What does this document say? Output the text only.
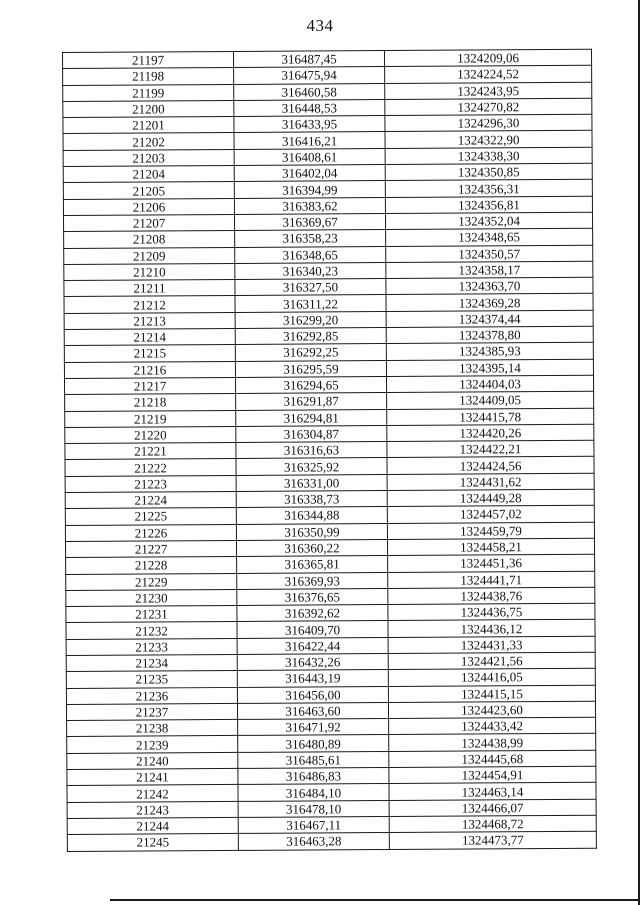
434
21197	316487,45	1324209,06
21198	316475,94	1324224,52
21199	316460,58	1324243,95
21200	316448,53	1324270,82
21201	316433,95	1324296,30
21202	316416,21	1324322,90
21203	316408,61	1324338,30
21204	316402,04	1324350,85
21205	316394,99	1324356,31
21206	316383,62	1324356,81
21207	316369,67	1324352,04
21208	316358,23	1324348,65
21209	316348,65	1324350,57
21210	316340,23	1324358,17
21211	316327,50	1324363,70
21212	316311,22	1324369,28
21213	316299,20	1324374,44
21214	316292,85	1324378,80
21215	316292,25	1324385,93
21216	316295,59	1324395,14
21217	316294,65	1324404,03
21218	316291,87	1324409,05
21219	316294,81	1324415,78
21220	316304,87	1324420,26
21221	316316,63	1324422,21
21222	316325,92	1324424,56
21223	316331,00	1324431,62
21224	316338,73	1324449,28
21225	316344,88	1324457,02
21226	316350,99	1324459,79
21227	316360,22	1324458,21
21228	316365,81	1324451,36
21229	316369,93	1324441,71
21230	316376,65	1324438,76
21231	316392,62	1324436,75
21232	316409,70	1324436,12
21233	316422,44	1324431,33
21234	316432,26	1324421,56
21235	316443,19	1324416,05
21236	316456,00	1324415,15
21237	316463,60	1324423,60
21238	316471,92	1324433,42
21239	316480,89	1324438,99
21240	316485,61	1324445,68
21241	316486,83	1324454,91
21242	316484,10	1324463,14
21243	316478,10	1324466,07
21244	316467,11	1324468,72
21245	316463,28	1324473,77
